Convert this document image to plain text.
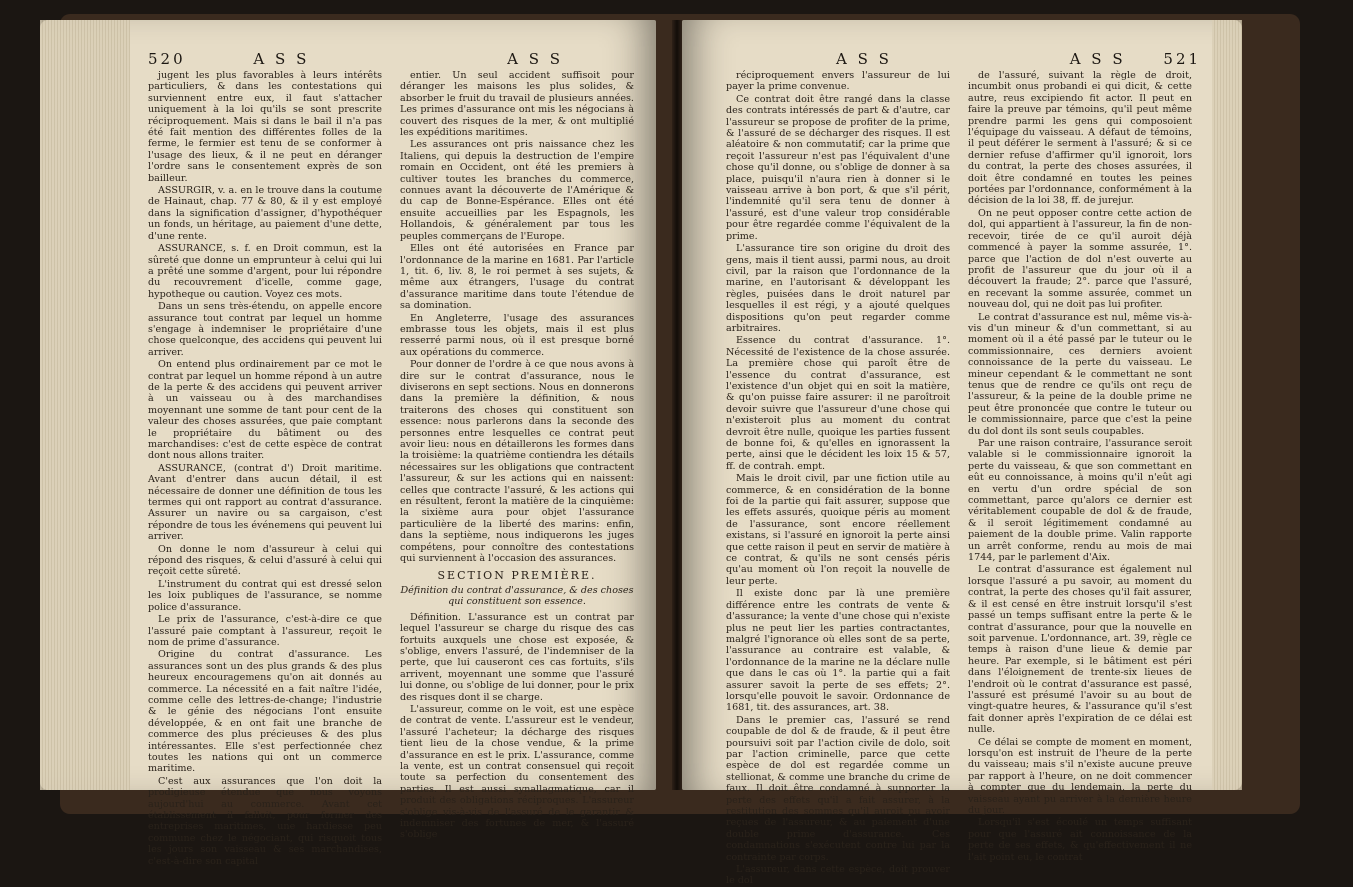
520	A S S	A S S

jugent les plus favorables à leurs intérêts particuliers, & dans les contestations qui surviennent entre eux, il faut s'attacher uniquement à la loi qu'ils se sont prescrite réciproquement. Mais si dans le bail il n'a pas été fait mention des différentes folles de la ferme, le fermier est tenu de se conformer à l'usage des lieux, & il ne peut en déranger l'ordre sans le consentement exprès de son bailleur.

ASSURGIR, v. a. en le trouve dans la coutume de Hainaut, chap. 77 & 80, & il y est employé dans la signification d'assigner, d'hypothéquer un fonds, un héritage, au paiement d'une dette, d'une rente.

ASSURANCE, s. f. en Droit commun, est la sûreté que donne un emprunteur à celui qui lui a prêté une somme d'argent, pour lui répondre du recouvrement d'icelle, comme gage, hypotheque ou caution. Voyez ces mots.

Dans un sens très-étendu, on appelle encore assurance tout contrat par lequel un homme s'engage à indemniser le propriétaire d'une chose quelconque, des accidens qui peuvent lui arriver.

On entend plus ordinairement par ce mot le contrat par lequel un homme répond à un autre de la perte & des accidens qui peuvent arriver à un vaisseau ou à des marchandises moyennant une somme de tant pour cent de la valeur des choses assurées, que paie comptant le propriétaire du bâtiment ou des marchandises: c'est de cette espèce de contrat dont nous allons traiter.

ASSURANCE, (contrat d') Droit maritime. Avant d'entrer dans aucun détail, il est nécessaire de donner une définition de tous les termes qui ont rapport au contrat d'assurance. Assurer un navire ou sa cargaison, c'est répondre de tous les événemens qui peuvent lui arriver.

On donne le nom d'assureur à celui qui répond des risques, & celui d'assuré à celui qui reçoit cette sûreté.

L'instrument du contrat qui est dressé selon les loix publiques de l'assurance, se nomme police d'assurance.

Le prix de l'assurance, c'est-à-dire ce que l'assuré paie comptant à l'assureur, reçoit le nom de prime d'assurance.

Origine du contrat d'assurance. Les assurances sont un des plus grands & des plus heureux encouragemens qu'on ait donnés au commerce. La nécessité en a fait naître l'idée, comme celle des lettres-de-change; l'industrie & le génie des négocians l'ont ensuite développée, & en ont fait une branche de commerce des plus précieuses & des plus intéressantes. Elle s'est perfectionnée chez toutes les nations qui ont un commerce maritime.

C'est aux assurances que l'on doit la prodigieuse étendue que nous voyons aujourd'hui au commerce. Avant cet établissement il falloit, pour former des entreprises maritimes, une hardiesse peu commune chez le négociant, qui risquoit tous les jours son vaisseau & ses marchandises, c'est-à-dire son capital

entier. Un seul accident suffisoit pour déranger les maisons les plus solides, & absorber le fruit du travail de plusieurs années. Les primes d'assurance ont mis les négocians à couvert des risques de la mer, & ont multiplié les expéditions maritimes.

Les assurances ont pris naissance chez les Italiens, qui depuis la destruction de l'empire romain en Occident, ont été les premiers à cultiver toutes les branches du commerce, connues avant la découverte de l'Amérique & du cap de Bonne-Espérance. Elles ont été ensuite accueillies par les Espagnols, les Hollandois, & généralement par tous les peuples commerçans de l'Europe.

Elles ont été autorisées en France par l'ordonnance de la marine en 1681. Par l'article 1, tit. 6, liv. 8, le roi permet à ses sujets, & même aux étrangers, l'usage du contrat d'assurance maritime dans toute l'étendue de sa domination.

En Angleterre, l'usage des assurances embrasse tous les objets, mais il est plus resserré parmi nous, où il est presque borné aux opérations du commerce.

Pour donner de l'ordre à ce que nous avons à dire sur le contrat d'assurance, nous le diviserons en sept sections. Nous en donnerons dans la première la définition, & nous traiterons des choses qui constituent son essence: nous parlerons dans la seconde des personnes entre lesquelles ce contrat peut avoir lieu: nous en détaillerons les formes dans la troisième: la quatrième contiendra les détails nécessaires sur les obligations que contractent l'assureur, & sur les actions qui en naissent: celles que contracte l'assuré, & les actions qui en résultent, feront la matière de la cinquième: la sixième aura pour objet l'assurance particulière de la liberté des marins: enfin, dans la septième, nous indiquerons les juges compétens, pour connoître des contestations qui surviennent à l'occasion des assurances.

SECTION PREMIÈRE.
Définition du contrat d'assurance, & des choses qui constituent son essence.

Définition. L'assurance est un contrat par lequel l'assureur se charge du risque des cas fortuits auxquels une chose est exposée, & s'oblige, envers l'assuré, de l'indemniser de la perte, que lui causeront ces cas fortuits, s'ils arrivent, moyennant une somme que l'assuré lui donne, ou s'oblige de lui donner, pour le prix des risques dont il se charge.

L'assureur, comme on le voit, est une espèce de contrat de vente. L'assureur est le vendeur, l'assuré l'acheteur; la décharge des risques tient lieu de la chose vendue, & la prime d'assurance en est le prix. L'assurance, comme la vente, est un contrat consensuel qui reçoit toute sa perfection du consentement des parties. Il est aussi synallagmatique, car il produit des obligations réciproques. L'assureur s'oblige vis-à-vis de l'assuré de le garantir & indemniser des fortunes de mer, & l'assuré s'oblige

A S S	A S S	521

réciproquement envers l'assureur de lui payer la prime convenue.

Ce contrat doit être rangé dans la classe des contrats intéressés de part & d'autre, car l'assureur se propose de profiter de la prime, & l'assuré de se décharger des risques. Il est aléatoire & non commutatif; car la prime que reçoit l'assureur n'est pas l'équivalent d'une chose qu'il donne, ou s'oblige de donner à sa place, puisqu'il n'aura rien à donner si le vaisseau arrive à bon port, & que s'il périt, l'indemnité qu'il sera tenu de donner à l'assuré, est d'une valeur trop considérable pour être regardée comme l'équivalent de la prime.

L'assurance tire son origine du droit des gens, mais il tient aussi, parmi nous, au droit civil, par la raison que l'ordonnance de la marine, en l'autorisant & développant les règles, puisées dans le droit naturel par lesquelles il est régi, y a ajouté quelques dispositions qu'on peut regarder comme arbitraires.

Essence du contrat d'assurance. 1°. Nécessité de l'existence de la chose assurée. La première chose qui paroît être de l'essence du contrat d'assurance, est l'existence d'un objet qui en soit la matière, & qu'on puisse faire assurer: il ne paroîtroit devoir suivre que l'assureur d'une chose qui n'existeroit plus au moment du contrat devroit être nulle, quoique les parties fussent de bonne foi, & qu'elles en ignorassent la perte, ainsi que le décident les loix 15 & 57, ff. de contrah. empt.

Mais le droit civil, par une fiction utile au commerce, & en considération de la bonne foi de la partie qui fait assurer, suppose que les effets assurés, quoique péris au moment de l'assurance, sont encore réellement existans, si l'assuré en ignoroit la perte ainsi que cette raison il peut en servir de matière à ce contrat, & qu'ils ne sont censés péris qu'au moment où l'on reçoit la nouvelle de leur perte.

Il existe donc par là une première différence entre les contrats de vente & d'assurance; la vente d'une chose qui n'existe plus ne peut lier les parties contractantes, malgré l'ignorance où elles sont de sa perte, l'assurance au contraire est valable, & l'ordonnance de la marine ne la déclare nulle que dans le cas où 1°. la partie qui a fait assurer savoit la perte de ses effets; 2°. lorsqu'elle pouvoit le savoir. Ordonnance de 1681, tit. des assurances, art. 38.

Dans le premier cas, l'assuré se rend coupable de dol & de fraude, & il peut être poursuivi soit par l'action civile de dolo, soit par l'action criminelle, parce que cette espèce de dol est regardée comme un stellionat, & comme une branche du crime de faux. Il doit être condamné à supporter la perte des effets qu'il a fait assurer, à la restitution des sommes qu'il auroit pu avoir reçues de l'assureur, & au paiement d'une double prime d'assurance. Ces condamnations s'exécutent contre lui par la contrainte par corps.

L'assureur, dans cette espèce, doit prouver le dol

de l'assuré, suivant la règle de droit, incumbit onus probandi ei qui dicit, & cette autre, reus excipiendo fit actor. Il peut en faire la preuve par témoins, qu'il peut même prendre parmi les gens qui composoient l'équipage du vaisseau. A défaut de témoins, il peut déférer le serment à l'assuré; & si ce dernier refuse d'affirmer qu'il ignoroit, lors du contrat, la perte des choses assurées, il doit être condamné en toutes les peines portées par l'ordonnance, conformément à la décision de la loi 38, ff. de jurejur.

On ne peut opposer contre cette action de dol, qui appartient à l'assureur, la fin de non-recevoir, tirée de ce qu'il auroit déjà commencé à payer la somme assurée, 1°. parce que l'action de dol n'est ouverte au profit de l'assureur que du jour où il a découvert la fraude; 2°. parce que l'assuré, en recevant la somme assurée, commet un nouveau dol, qui ne doit pas lui profiter.

Le contrat d'assurance est nul, même vis-à-vis d'un mineur & d'un commettant, si au moment où il a été passé par le tuteur ou le commissionnaire, ces derniers avoient connoissance de la perte du vaisseau. Le mineur cependant & le commettant ne sont tenus que de rendre ce qu'ils ont reçu de l'assureur, & la peine de la double prime ne peut être prononcée que contre le tuteur ou le commissionnaire, parce que c'est la peine du dol dont ils sont seuls coupables.

Par une raison contraire, l'assurance seroit valable si le commissionnaire ignoroit la perte du vaisseau, & que son commettant en eût eu connoissance, à moins qu'il n'eût agi en vertu d'un ordre spécial de son commettant, parce qu'alors ce dernier est véritablement coupable de dol & de fraude, & il seroit légitimement condamné au paiement de la double prime. Valin rapporte un arrêt conforme, rendu au mois de mai 1744, par le parlement d'Aix.

Le contrat d'assurance est également nul lorsque l'assuré a pu savoir, au moment du contrat, la perte des choses qu'il fait assurer, & il est censé en être instruit lorsqu'il s'est passé un temps suffisant entre la perte & le contrat d'assurance, pour que la nouvelle en soit parvenue. L'ordonnance, art. 39, règle ce temps à raison d'une lieue & demie par heure. Par exemple, si le bâtiment est péri dans l'éloignement de trente-six lieues de l'endroit où le contrat d'assurance est passé, l'assuré est présumé l'avoir su au bout de vingt-quatre heures, & l'assurance qu'il s'est fait donner après l'expiration de ce délai est nulle.

Ce délai se compte de moment en moment, lorsqu'on est instruit de l'heure de la perte du vaisseau; mais s'il n'existe aucune preuve par rapport à l'heure, on ne doit commencer à compter que du lendemain, la perte du vaisseau ayant pu arriver à la dernière heure du jour.

Lorsqu'il s'est écoulé un temps suffisant pour que l'assuré ait connoissance de la perte de ses effets, & qu'effectivement il ne l'ait point eu, le contrat
